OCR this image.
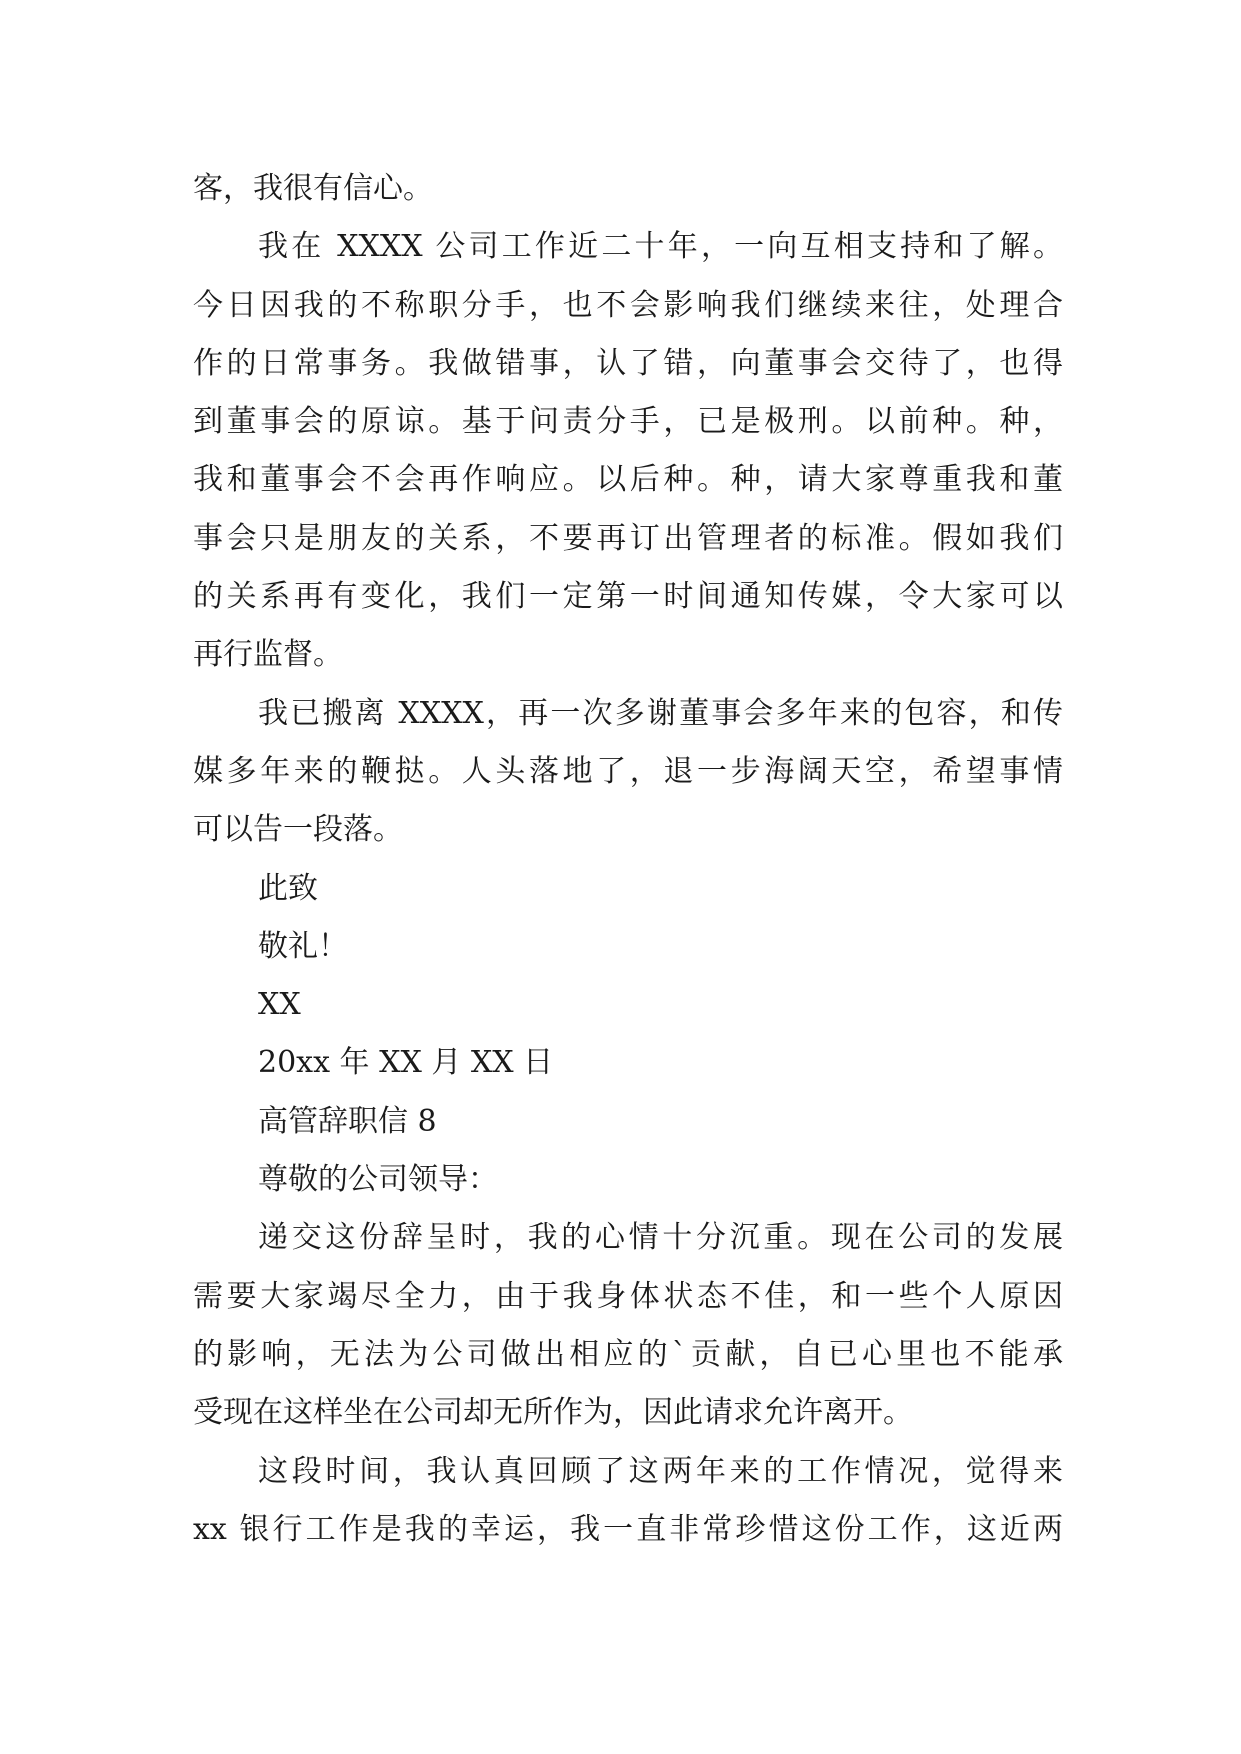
客，我很有信心。
我在 XXXX 公司工作近二十年，一向互相支持和了解。
今日因我的不称职分手，也不会影响我们继续来往，处理合
作的日常事务。我做错事，认了错，向董事会交待了，也得
到董事会的原谅。基于问责分手，已是极刑。以前种。种，
我和董事会不会再作响应。以后种。种，请大家尊重我和董
事会只是朋友的关系，不要再订出管理者的标准。假如我们
的关系再有变化，我们一定第一时间通知传媒，令大家可以
再行监督。
我已搬离 XXXX，再一次多谢董事会多年来的包容，和传
媒多年来的鞭挞。人头落地了，退一步海阔天空，希望事情
可以告一段落。
此致
敬礼！
XX
20xx 年 XX 月 XX 日
高管辞职信 8
尊敬的公司领导：
递交这份辞呈时，我的心情十分沉重。现在公司的发展
需要大家竭尽全力，由于我身体状态不佳，和一些个人原因
的影响，无法为公司做出相应的`贡献，自已心里也不能承
受现在这样坐在公司却无所作为，因此请求允许离开。
这段时间，我认真回顾了这两年来的工作情况，觉得来
xx 银行工作是我的幸运，我一直非常珍惜这份工作，这近两
